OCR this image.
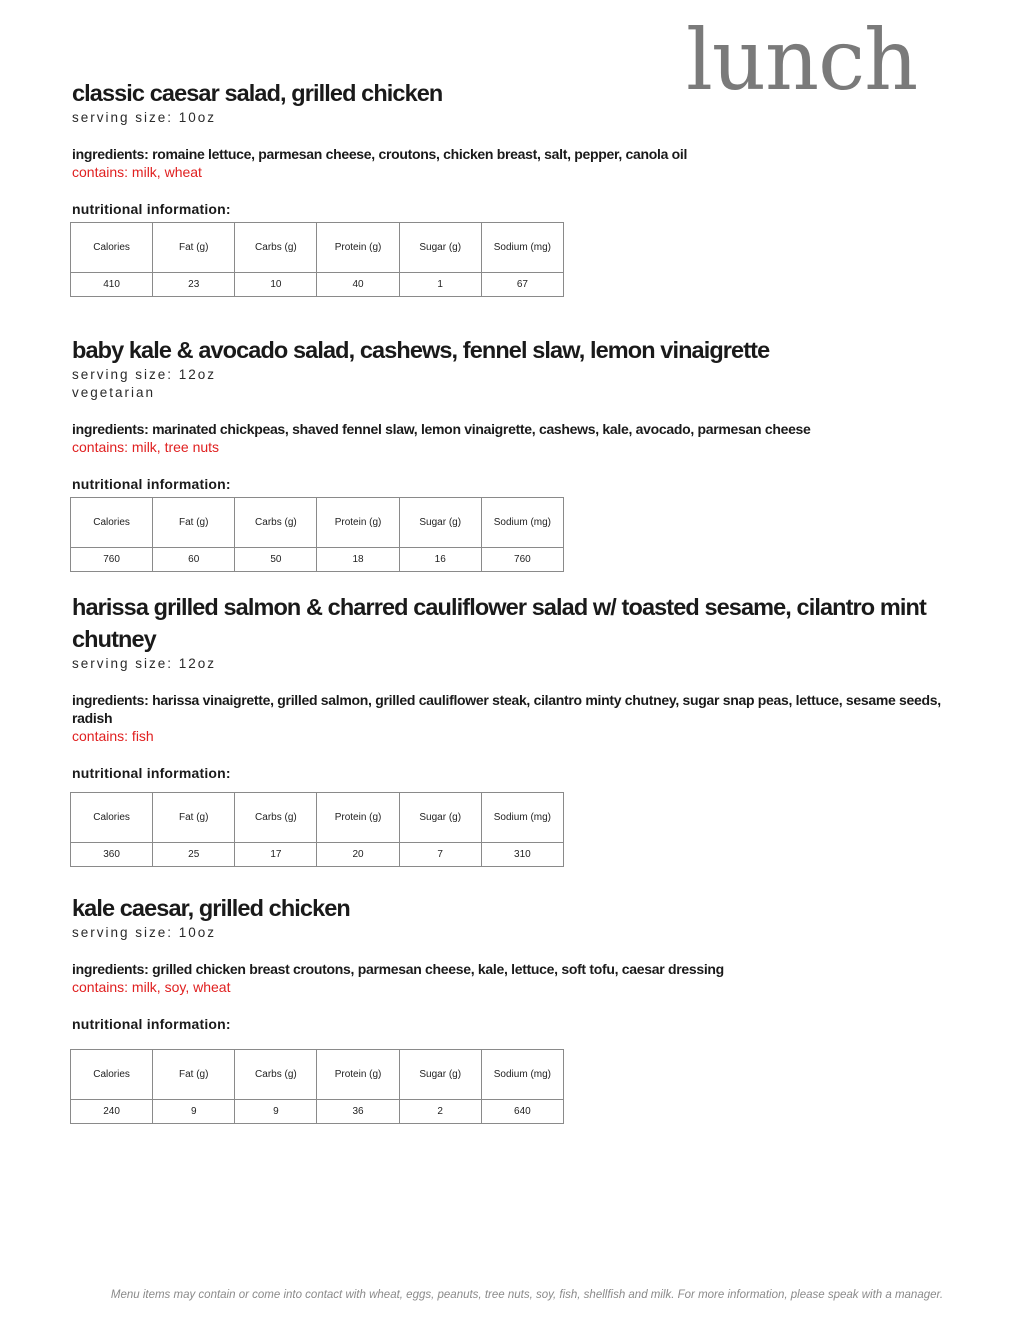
lunch
classic caesar salad, grilled chicken

serving size: 10oz

ingredients: romaine lettuce, parmesan cheese, croutons, chicken breast, salt, pepper, canola oil

contains: milk, wheat

nutritional information:

Calories	Fat (g)	Carbs (g)	Protein (g)	Sugar (g)	Sodium (mg)
410	23	10	40	1	67
baby kale & avocado salad, cashews, fennel slaw, lemon vinaigrette

serving size: 12oz

vegetarian

ingredients: marinated chickpeas, shaved fennel slaw, lemon vinaigrette, cashews, kale, avocado, parmesan cheese

contains: milk, tree nuts

nutritional information:

Calories	Fat (g)	Carbs (g)	Protein (g)	Sugar (g)	Sodium (mg)
760	60	50	18	16	760
harissa grilled salmon & charred cauliflower salad w/ toasted sesame, cilantro mint chutney

serving size: 12oz

ingredients: harissa vinaigrette, grilled salmon, grilled cauliflower steak, cilantro minty chutney, sugar snap peas, lettuce, sesame seeds, radish

contains: fish

nutritional information:

Calories	Fat (g)	Carbs (g)	Protein (g)	Sugar (g)	Sodium (mg)
360	25	17	20	7	310
kale caesar, grilled chicken

serving size: 10oz

ingredients: grilled chicken breast croutons, parmesan cheese, kale, lettuce, soft tofu, caesar dressing

contains: milk, soy, wheat

nutritional information:

Calories	Fat (g)	Carbs (g)	Protein (g)	Sugar (g)	Sodium (mg)
240	9	9	36	2	640

Menu items may contain or come into contact with wheat, eggs, peanuts, tree nuts, soy, fish, shellfish and milk. For more information, please speak with a manager.
